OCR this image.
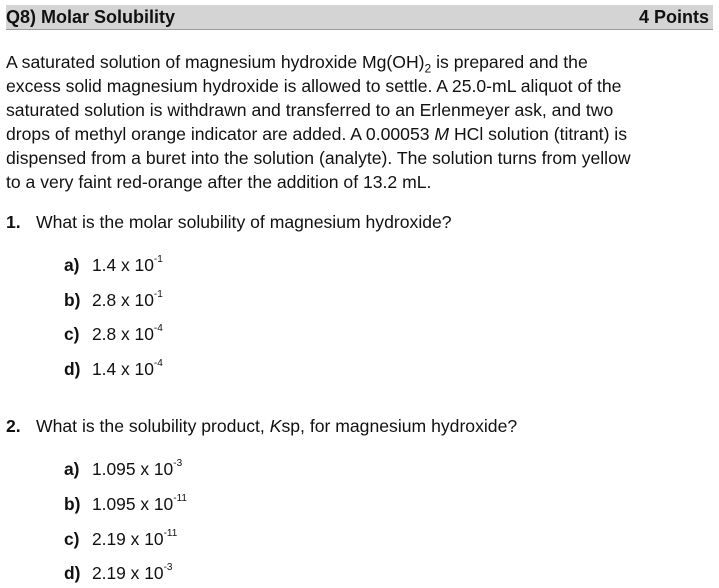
Q8) Molar Solubility	4 Points
A saturated solution of magnesium hydroxide $Mg(OH)_2$ is prepared and the
excess solid magnesium hydroxide is allowed to settle. A 25.0-mL aliquot of the
saturated solution is withdrawn and transferred to an Erlenmeyer ask, and two
drops of methyl orange indicator are added. A 0.00053 M HCl solution (titrant) is
dispensed from a buret into the solution (analyte). The solution turns from yellow
to a very faint red-orange after the addition of 13.2 mL.
1. What is the molar solubility of magnesium hydroxide?
a) 1.4 x $10^{-1}$
b) 2.8 x $10^{-1}$
c) 2.8 x $10^{-4}$
d) 1.4 x $10^{-4}$
2. What is the solubility product, Ksp, for magnesium hydroxide?
a) 1.095 x $10^{-3}$
b) 1.095 x $10^{-11}$
c) 2.19 x $10^{-11}$
d) 2.19 x $10^{-3}$
